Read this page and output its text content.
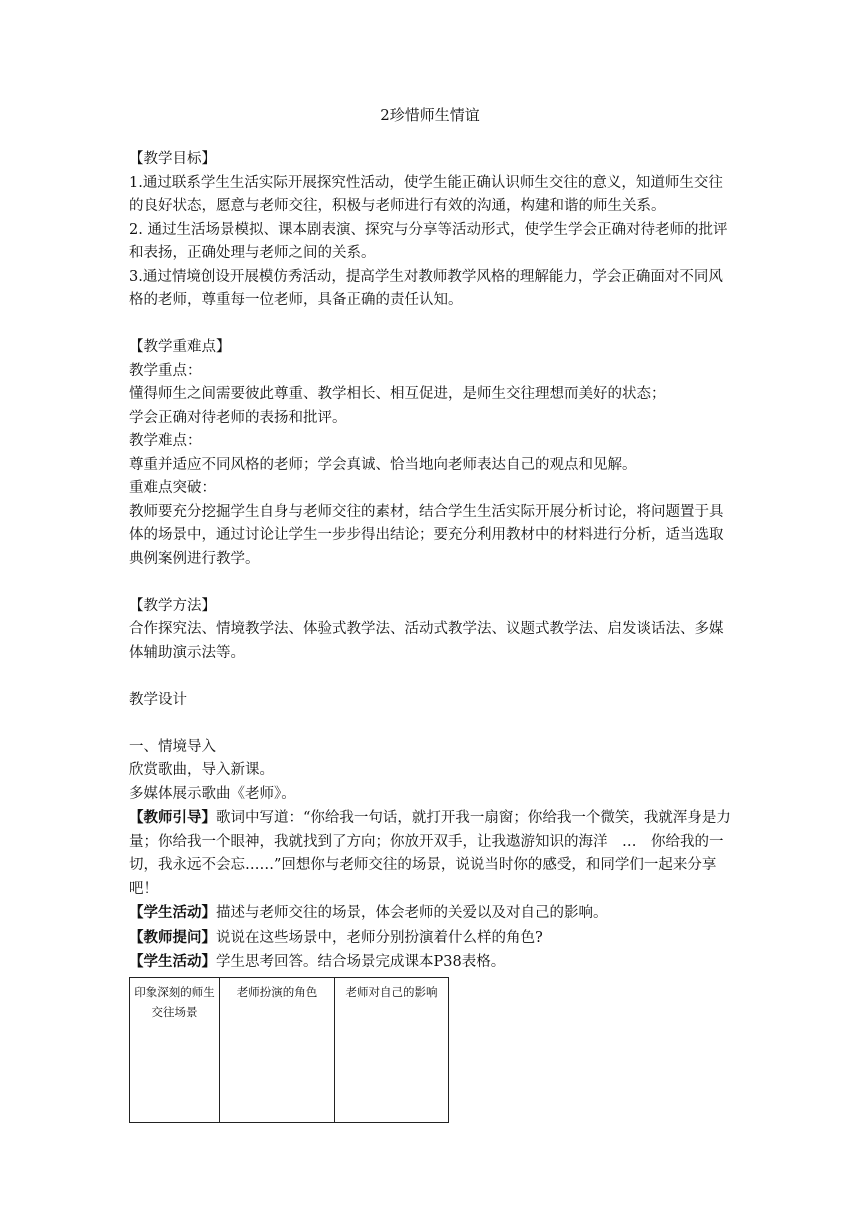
2珍惜师生情谊

【教学目标】

1.通过联系学生生活实际开展探究性活动，使学生能正确认识师生交往的意义，知道师生交往的良好状态，愿意与老师交往，积极与老师进行有效的沟通，构建和谐的师生关系。

2. 通过生活场景模拟、课本剧表演、探究与分享等活动形式，使学生学会正确对待老师的批评和表扬，正确处理与老师之间的关系。

3.通过情境创设开展模仿秀活动，提高学生对教师教学风格的理解能力，学会正确面对不同风格的老师，尊重每一位老师，具备正确的责任认知。

【教学重难点】

教学重点：

懂得师生之间需要彼此尊重、教学相长、相互促进，是师生交往理想而美好的状态；

学会正确对待老师的表扬和批评。

教学难点：

尊重并适应不同风格的老师；学会真诚、恰当地向老师表达自己的观点和见解。

重难点突破：

教师要充分挖掘学生自身与老师交往的素材，结合学生生活实际开展分析讨论，将问题置于具体的场景中，通过讨论让学生一步步得出结论；要充分利用教材中的材料进行分析，适当选取典例案例进行教学。

【教学方法】

合作探究法、情境教学法、体验式教学法、活动式教学法、议题式教学法、启发谈话法、多媒体辅助演示法等。

教学设计

一、情境导入

欣赏歌曲，导入新课。

多媒体展示歌曲《老师》。

【教师引导】歌词中写道：“你给我一句话，就打开我一扇窗；你给我一个微笑，我就浑身是力量；你给我一个眼神，我就找到了方向；你放开双手，让我遨游知识的海洋　…　你给我的一切，我永远不会忘……”回想你与老师交往的场景，说说当时你的感受，和同学们一起来分享吧！

【学生活动】描述与老师交往的场景，体会老师的关爱以及对自己的影响。

【教师提问】说说在这些场景中，老师分别扮演着什么样的角色?

【学生活动】学生思考回答。结合场景完成课本P38表格。

印象深刻的师生交往场景	老师扮演的角色	老师对自己的影响
